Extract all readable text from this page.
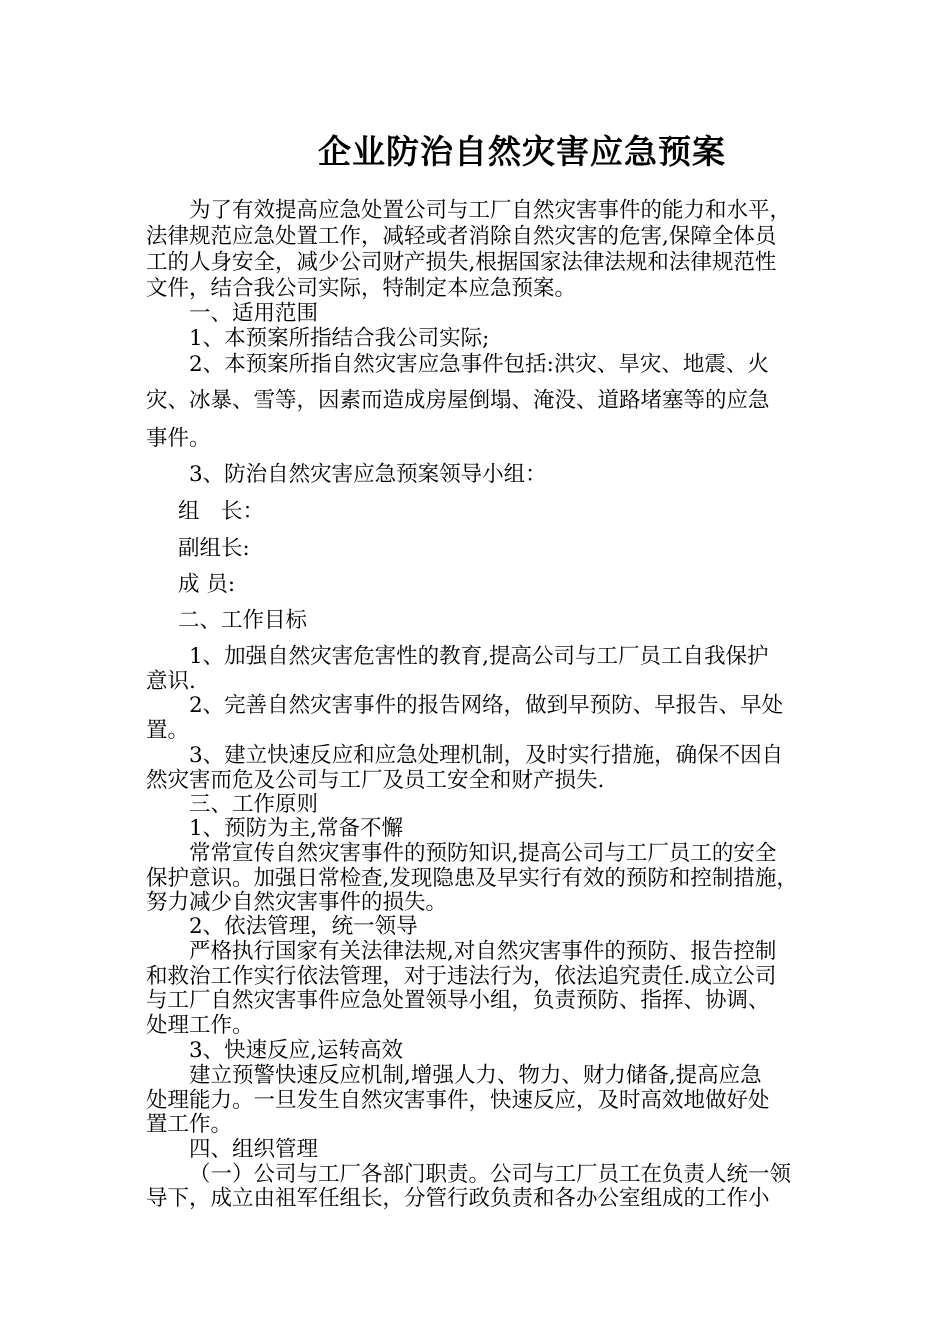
企业防治自然灾害应急预案
为了有效提高应急处置公司与工厂自然灾害事件的能力和水平，
法律规范应急处置工作，减轻或者消除自然灾害的危害,保障全体员
工的人身安全，减少公司财产损失,根据国家法律法规和法律规范性
文件，结合我公司实际，特制定本应急预案。
一、适用范围
1、本预案所指结合我公司实际;
2、本预案所指自然灾害应急事件包括:洪灾、旱灾、地震、火
灾、冰暴、雪等，因素而造成房屋倒塌、淹没、道路堵塞等的应急
事件。
3、防治自然灾害应急预案领导小组：
组　长：
副组长:
成 员:
二、工作目标
1、加强自然灾害危害性的教育,提高公司与工厂员工自我保护
意识.
2、完善自然灾害事件的报告网络，做到早预防、早报告、早处
置。
3、建立快速反应和应急处理机制，及时实行措施，确保不因自
然灾害而危及公司与工厂及员工安全和财产损失.
三、工作原则
1、预防为主,常备不懈
常常宣传自然灾害事件的预防知识,提高公司与工厂员工的安全
保护意识。加强日常检查,发现隐患及早实行有效的预防和控制措施，
努力减少自然灾害事件的损失。
2、依法管理，统一领导
严格执行国家有关法律法规,对自然灾害事件的预防、报告控制
和救治工作实行依法管理，对于违法行为，依法追究责任.成立公司
与工厂自然灾害事件应急处置领导小组，负责预防、指挥、协调、
处理工作。
3、快速反应,运转高效
建立预警快速反应机制,增强人力、物力、财力储备,提高应急
处理能力。一旦发生自然灾害事件，快速反应，及时高效地做好处
置工作。
四、组织管理
（一）公司与工厂各部门职责。公司与工厂员工在负责人统一领
导下，成立由祖军任组长，分管行政负责和各办公室组成的工作小
